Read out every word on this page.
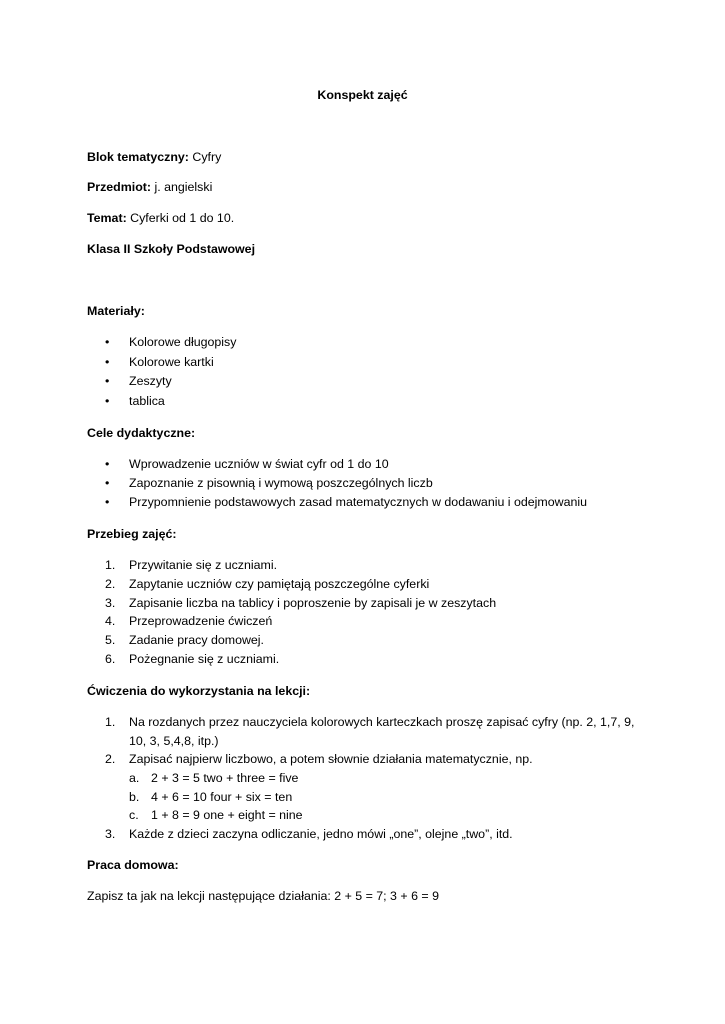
Konspekt zajęć
Blok tematyczny: Cyfry
Przedmiot: j. angielski
Temat: Cyferki od 1 do 10.
Klasa II Szkoły Podstawowej
Materiały:
• Kolorowe długopisy
• Kolorowe kartki
• Zeszyty
• tablica
Cele dydaktyczne:
• Wprowadzenie uczniów w świat cyfr od 1 do 10
• Zapoznanie z pisownią i wymową poszczególnych liczb
• Przypomnienie podstawowych zasad matematycznych w dodawaniu i odejmowaniu
Przebieg zajęć:
1.	Przywitanie się z uczniami.
2.	Zapytanie uczniów czy pamiętają poszczególne cyferki
3.	Zapisanie liczba na tablicy i poproszenie by zapisali je w zeszytach
4.	Przeprowadzenie ćwiczeń
5.	Zadanie pracy domowej.
6.	Pożegnanie się z uczniami.
Ćwiczenia do wykorzystania na lekcji:
1.	Na rozdanych przez nauczyciela kolorowych karteczkach proszę zapisać cyfry (np. 2, 1,7, 9,
10, 3, 5,4,8, itp.)
2.	Zapisać najpierw liczbowo, a potem słownie działania matematycznie, np.
a. 2 + 3 = 5 two + three = five
b. 4 + 6 = 10 four + six = ten
c. 1 + 8 = 9 one + eight = nine
3.	Każde z dzieci zaczyna odliczanie, jedno mówi „one”, olejne „two”, itd.
Praca domowa:
Zapisz ta jak na lekcji następujące działania: 2 + 5 = 7; 3 + 6 = 9
